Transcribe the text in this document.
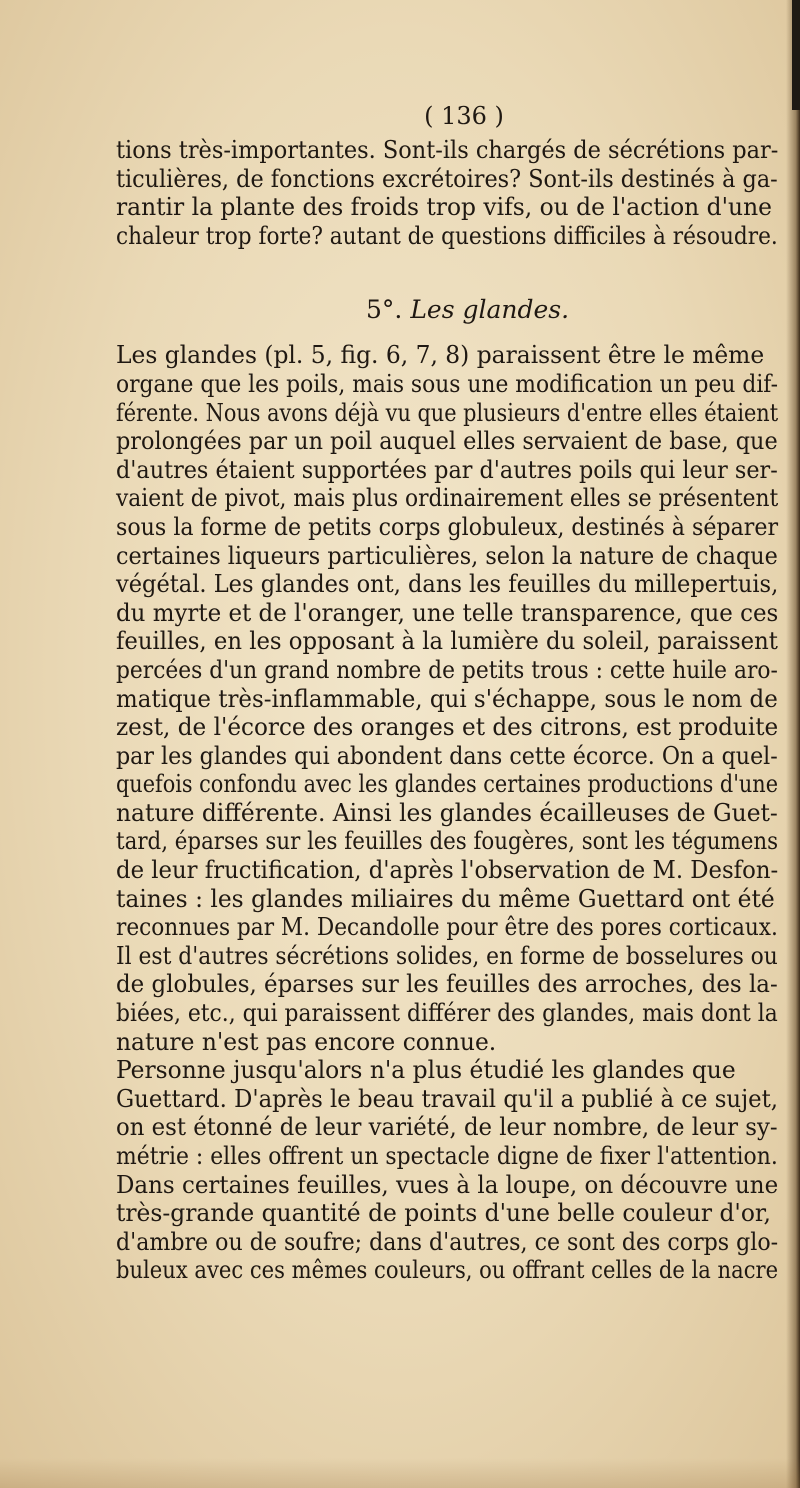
( 136 )
tions très-importantes. Sont-ils chargés de sécrétions par-
ticulières, de fonctions excrétoires? Sont-ils destinés à ga-
rantir la plante des froids trop vifs, ou de l'action d'une
chaleur trop forte? autant de questions difficiles à résoudre.
5°. Les glandes.
Les glandes (pl. 5, fig. 6, 7, 8) paraissent être le même
organe que les poils, mais sous une modification un peu dif-
férente. Nous avons déjà vu que plusieurs d'entre elles étaient
prolongées par un poil auquel elles servaient de base, que
d'autres étaient supportées par d'autres poils qui leur ser-
vaient de pivot, mais plus ordinairement elles se présentent
sous la forme de petits corps globuleux, destinés à séparer
certaines liqueurs particulières, selon la nature de chaque
végétal. Les glandes ont, dans les feuilles du millepertuis,
du myrte et de l'oranger, une telle transparence, que ces
feuilles, en les opposant à la lumière du soleil, paraissent
percées d'un grand nombre de petits trous : cette huile aro-
matique très-inflammable, qui s'échappe, sous le nom de
zest, de l'écorce des oranges et des citrons, est produite
par les glandes qui abondent dans cette écorce. On a quel-
quefois confondu avec les glandes certaines productions d'une
nature différente. Ainsi les glandes écailleuses de Guet-
tard, éparses sur les feuilles des fougères, sont les tégumens
de leur fructification, d'après l'observation de M. Desfon-
taines : les glandes miliaires du même Guettard ont été
reconnues par M. Decandolle pour être des pores corticaux.
Il est d'autres sécrétions solides, en forme de bosselures ou
de globules, éparses sur les feuilles des arroches, des la-
biées, etc., qui paraissent différer des glandes, mais dont la
nature n'est pas encore connue.
Personne jusqu'alors n'a plus étudié les glandes que
Guettard. D'après le beau travail qu'il a publié à ce sujet,
on est étonné de leur variété, de leur nombre, de leur sy-
métrie : elles offrent un spectacle digne de fixer l'attention.
Dans certaines feuilles, vues à la loupe, on découvre une
très-grande quantité de points d'une belle couleur d'or,
d'ambre ou de soufre; dans d'autres, ce sont des corps glo-
buleux avec ces mêmes couleurs, ou offrant celles de la nacre
